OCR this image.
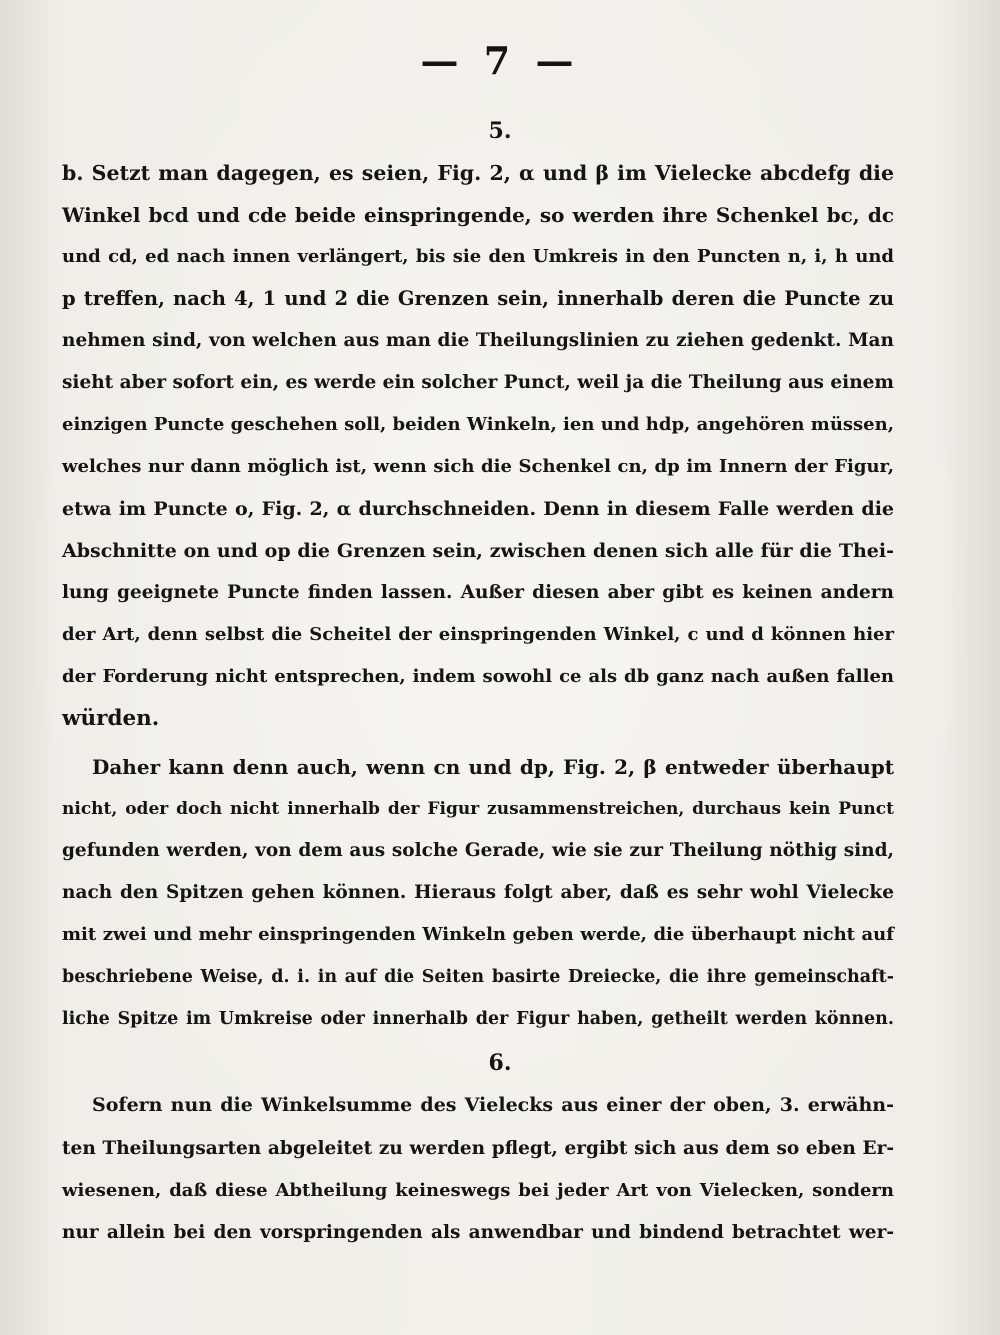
— 7 —
5.
b. Setzt man dagegen, es seien, Fig. 2, α und β im Vielecke abcdefg die
Winkel bcd und cde beide einspringende, so werden ihre Schenkel bc, dc
und cd, ed nach innen verlängert, bis sie den Umkreis in den Puncten n, i, h und
p treffen, nach 4, 1 und 2 die Grenzen sein, innerhalb deren die Puncte zu
nehmen sind, von welchen aus man die Theilungslinien zu ziehen gedenkt. Man
sieht aber sofort ein, es werde ein solcher Punct, weil ja die Theilung aus einem
einzigen Puncte geschehen soll, beiden Winkeln, ien und hdp, angehören müssen,
welches nur dann möglich ist, wenn sich die Schenkel cn, dp im Innern der Figur,
etwa im Puncte o, Fig. 2, α durchschneiden. Denn in diesem Falle werden die
Abschnitte on und op die Grenzen sein, zwischen denen sich alle für die Thei-
lung geeignete Puncte finden lassen. Außer diesen aber gibt es keinen andern
der Art, denn selbst die Scheitel der einspringenden Winkel, c und d können hier
der Forderung nicht entsprechen, indem sowohl ce als db ganz nach außen fallen
würden.
Daher kann denn auch, wenn cn und dp, Fig. 2, β entweder überhaupt
nicht, oder doch nicht innerhalb der Figur zusammenstreichen, durchaus kein Punct
gefunden werden, von dem aus solche Gerade, wie sie zur Theilung nöthig sind,
nach den Spitzen gehen können. Hieraus folgt aber, daß es sehr wohl Vielecke
mit zwei und mehr einspringenden Winkeln geben werde, die überhaupt nicht auf
beschriebene Weise, d. i. in auf die Seiten basirte Dreiecke, die ihre gemeinschaft-
liche Spitze im Umkreise oder innerhalb der Figur haben, getheilt werden können.
6.
Sofern nun die Winkelsumme des Vielecks aus einer der oben, 3. erwähn-
ten Theilungsarten abgeleitet zu werden pflegt, ergibt sich aus dem so eben Er-
wiesenen, daß diese Abtheilung keineswegs bei jeder Art von Vielecken, sondern
nur allein bei den vorspringenden als anwendbar und bindend betrachtet wer-
